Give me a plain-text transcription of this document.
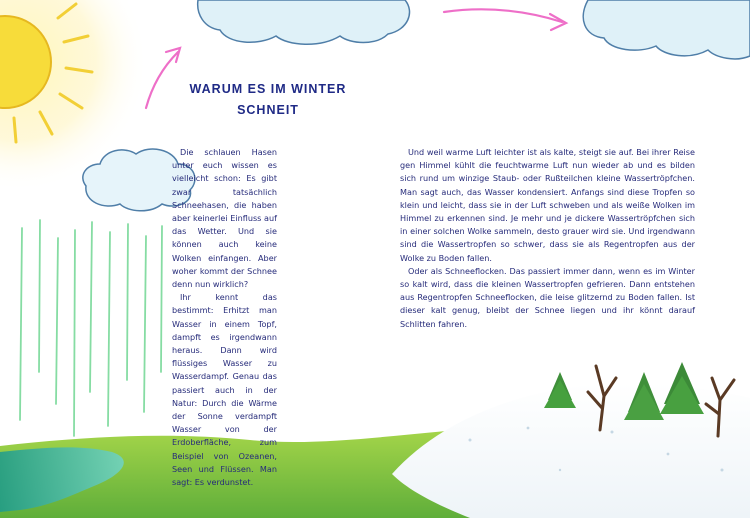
WARUM ES IM WINTER
SCHNEIT

Die schlauen Hasen unter euch wissen es vielleicht schon: Es gibt zwar tatsächlich Schneehasen, die haben aber keinerlei Einfluss auf das Wetter. Und sie können auch keine Wolken einfangen. Aber woher kommt der Schnee denn nun wirklich?

Ihr kennt das bestimmt: Erhitzt man Wasser in einem Topf, dampft es irgendwann heraus. Dann wird flüssiges Wasser zu Wasserdampf. Genau das passiert auch in der Natur: Durch die Wärme der Sonne verdampft Wasser von der Erdoberfläche, zum Beispiel von Ozeanen, Seen und Flüssen. Man sagt: Es verdunstet.

Und weil warme Luft leichter ist als kalte, steigt sie auf. Bei ihrer Reise gen Himmel kühlt die feuchtwarme Luft nun wieder ab und es bilden sich rund um winzige Staub- oder Rußteilchen kleine Wassertröpfchen. Man sagt auch, das Wasser kondensiert. Anfangs sind diese Tropfen so klein und leicht, dass sie in der Luft schweben und als weiße Wolken im Himmel zu erkennen sind. Je mehr und je dickere Wassertröpfchen sich in einer solchen Wolke sammeln, desto grauer wird sie. Und irgendwann sind die Wassertropfen so schwer, dass sie als Regentropfen aus der Wolke zu Boden fallen.

Oder als Schneeflocken. Das passiert immer dann, wenn es im Winter so kalt wird, dass die kleinen Wassertropfen gefrieren. Dann entstehen aus Regentropfen Schneeflocken, die leise glitzernd zu Boden fallen. Ist dieser kalt genug, bleibt der Schnee liegen und ihr könnt darauf Schlitten fahren.
